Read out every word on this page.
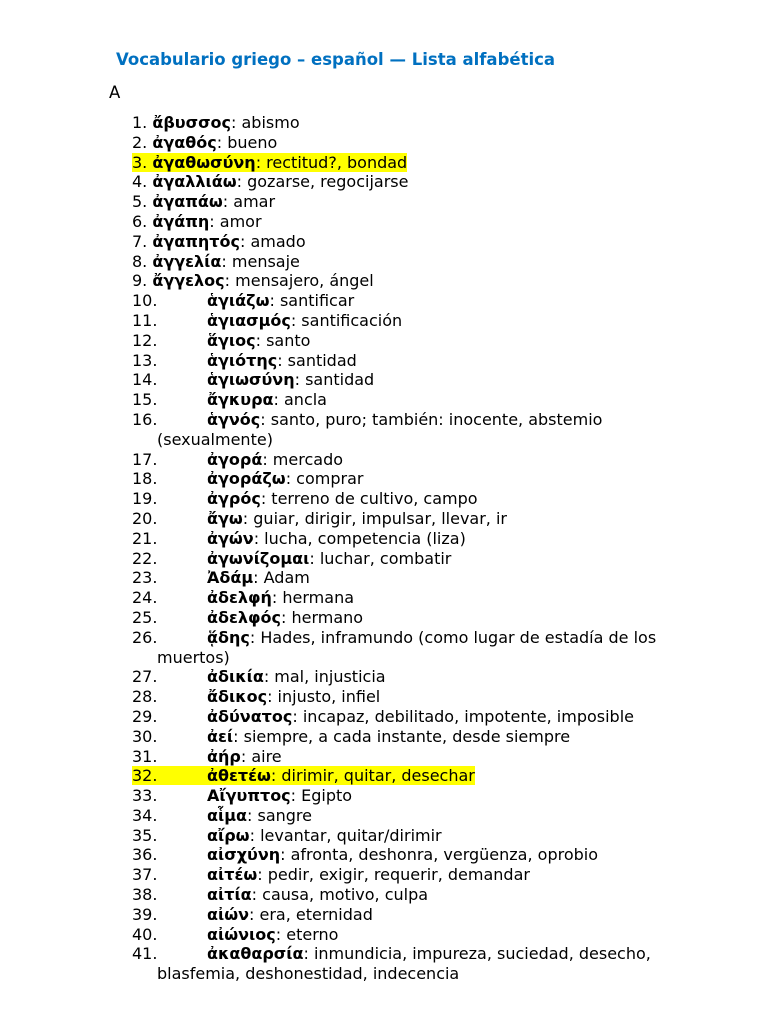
Vocabulario griego – español — Lista alfabética
A
1. ἄβυσσος: abismo
2. ἀγαθός: bueno
3. ἀγαθωσύνη: rectitud?, bondad
4. ἀγαλλιάω: gozarse, regocijarse
5. ἀγαπάω: amar
6. ἀγάπη: amor
7. ἀγαπητός: amado
8. ἀγγελία: mensaje
9. ἄγγελος: mensajero, ángel
10.	ἁγιάζω: santificar
11.	ἁγιασμός: santificación
12.	ἅγιος: santo
13.	ἁγιότης: santidad
14.	ἁγιωσύνη: santidad
15.	ἄγκυρα: ancla
16.	ἁγνός: santo, puro; también: inocente, abstemio
(sexualmente)
17.	ἀγορά: mercado
18.	ἀγοράζω: comprar
19.	ἀγρός: terreno de cultivo, campo
20.	ἄγω: guiar, dirigir, impulsar, llevar, ir
21.	ἀγών: lucha, competencia (liza)
22.	ἀγωνίζομαι: luchar, combatir
23.	Ἀδάμ: Adam
24.	ἀδελφή: hermana
25.	ἀδελφός: hermano
26.	ᾅδης: Hades, inframundo (como lugar de estadía de los
muertos)
27.	ἀδικία: mal, injusticia
28.	ἄδικος: injusto, infiel
29.	ἀδύνατος: incapaz, debilitado, impotente, imposible
30.	ἀεί: siempre, a cada instante, desde siempre
31.	ἀήρ: aire
32.	ἀθετέω: dirimir, quitar, desechar
33.	Αἴγυπτος: Egipto
34.	αἷμα: sangre
35.	αἴρω: levantar, quitar/dirimir
36.	αἰσχύνη: afronta, deshonra, vergüenza, oprobio
37.	αἰτέω: pedir, exigir, requerir, demandar
38.	αἰτία: causa, motivo, culpa
39.	αἰών: era, eternidad
40.	αἰώνιος: eterno
41.	ἀκαθαρσία: inmundicia, impureza, suciedad, desecho,
blasfemia, deshonestidad, indecencia
